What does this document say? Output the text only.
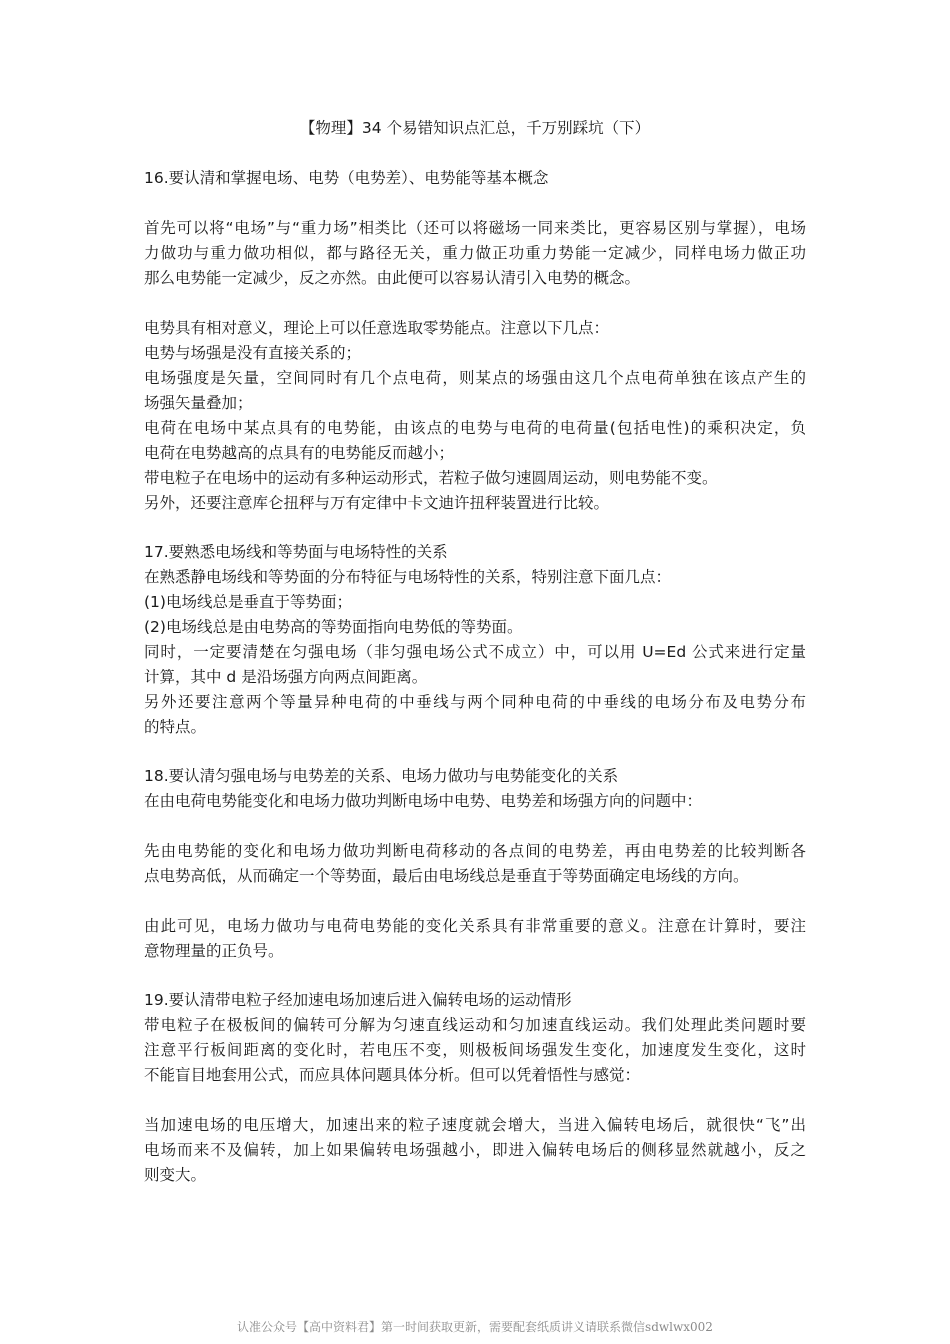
【物理】34 个易错知识点汇总，千万别踩坑（下）
16.要认清和掌握电场、电势（电势差）、电势能等基本概念
首先可以将“电场”与“重力场”相类比（还可以将磁场一同来类比，更容易区别与掌握），电场
力做功与重力做功相似，都与路径无关，重力做正功重力势能一定减少，同样电场力做正功
那么电势能一定减少，反之亦然。由此便可以容易认清引入电势的概念。
电势具有相对意义，理论上可以任意选取零势能点。注意以下几点：
电势与场强是没有直接关系的；
电场强度是矢量，空间同时有几个点电荷，则某点的场强由这几个点电荷单独在该点产生的
场强矢量叠加；
电荷在电场中某点具有的电势能，由该点的电势与电荷的电荷量(包括电性)的乘积决定，负
电荷在电势越高的点具有的电势能反而越小；
带电粒子在电场中的运动有多种运动形式，若粒子做匀速圆周运动，则电势能不变。
另外，还要注意库仑扭秤与万有定律中卡文迪许扭秤装置进行比较。
17.要熟悉电场线和等势面与电场特性的关系
在熟悉静电场线和等势面的分布特征与电场特性的关系，特别注意下面几点：
(1)电场线总是垂直于等势面；
(2)电场线总是由电势高的等势面指向电势低的等势面。
同时，一定要清楚在匀强电场（非匀强电场公式不成立）中，可以用 U=Ed 公式来进行定量
计算，其中 d 是沿场强方向两点间距离。
另外还要注意两个等量异种电荷的中垂线与两个同种电荷的中垂线的电场分布及电势分布
的特点。
18.要认清匀强电场与电势差的关系、电场力做功与电势能变化的关系
在由电荷电势能变化和电场力做功判断电场中电势、电势差和场强方向的问题中：
先由电势能的变化和电场力做功判断电荷移动的各点间的电势差，再由电势差的比较判断各
点电势高低，从而确定一个等势面，最后由电场线总是垂直于等势面确定电场线的方向。
由此可见，电场力做功与电荷电势能的变化关系具有非常重要的意义。注意在计算时，要注
意物理量的正负号。
19.要认清带电粒子经加速电场加速后进入偏转电场的运动情形
带电粒子在极板间的偏转可分解为匀速直线运动和匀加速直线运动。我们处理此类问题时要
注意平行板间距离的变化时，若电压不变，则极板间场强发生变化，加速度发生变化，这时
不能盲目地套用公式，而应具体问题具体分析。但可以凭着悟性与感觉：
当加速电场的电压增大，加速出来的粒子速度就会增大，当进入偏转电场后，就很快“飞”出
电场而来不及偏转，加上如果偏转电场强越小，即进入偏转电场后的侧移显然就越小，反之
则变大。
认准公众号【高中资料君】第一时间获取更新，需要配套纸质讲义请联系微信sdwlwx002
